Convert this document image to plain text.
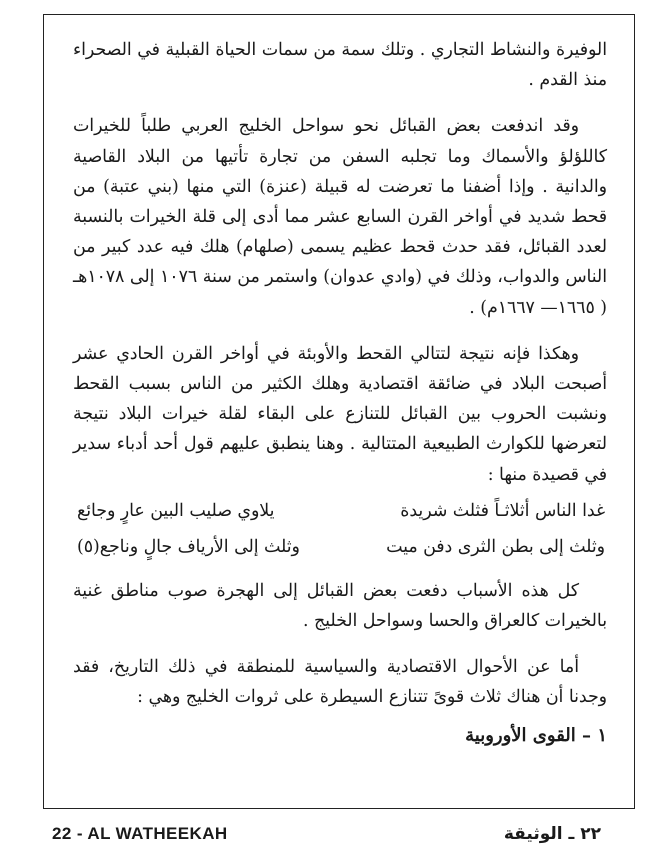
الوفيرة والنشاط التجاري . وتلك سمة من سمات الحياة القبلية في الصحراء منذ القدم .

وقد اندفعت بعض القبائل نحو سواحل الخليج العربي طلباً للخيرات كاللؤلؤ والأسماك وما تجلبه السفن من تجارة تأتيها من البلاد القاصية والدانية . وإذا أضفنا ما تعرضت له قبيلة (عنزة) التي منها (بني عتبة) من قحط شديد في أواخر القرن السابع عشر مما أدى إلى قلة الخيرات بالنسبة لعدد القبائل، فقد حدث قحط عظيم يسمى (صلهام) هلك فيه عدد كبير من الناس والدواب، وذلك في (وادي عدوان) واستمر من سنة ١٠٧٦ إلى ١٠٧٨هـ ( ١٦٦٥— ١٦٦٧م) .

وهكذا فإنه نتيجة لتتالي القحط والأوبئة في أواخر القرن الحادي عشر أصبحت البلاد في ضائقة اقتصادية وهلك الكثير من الناس بسبب القحط ونشبت الحروب بين القبائل للتنازع على البقاء لقلة خيرات البلاد نتيجة لتعرضها للكوارث الطبيعية المتتالية . وهنا ينطبق عليهم قول أحد أدباء سدير في قصيدة منها :

غدا الناس أثلاثـاً فثلث شريدة
يلاوي صليب البين عارٍ وجائع
وثلث إلى بطن الثرى دفن ميت
وثلث إلى الأرياف جالٍ وناجع(٥)

كل هذه الأسباب دفعت بعض القبائل إلى الهجرة صوب مناطق غنية بالخيرات كالعراق والحسا وسواحل الخليج .

أما عن الأحوال الاقتصادية والسياسية للمنطقة في ذلك التاريخ، فقد وجدنا أن هناك ثلاث قوىً تتنازع السيطرة على ثروات الخليج وهي :

١ – القوى الأوروبية

22 - AL WATHEEKAH	٢٢ ـ الوثيقة
